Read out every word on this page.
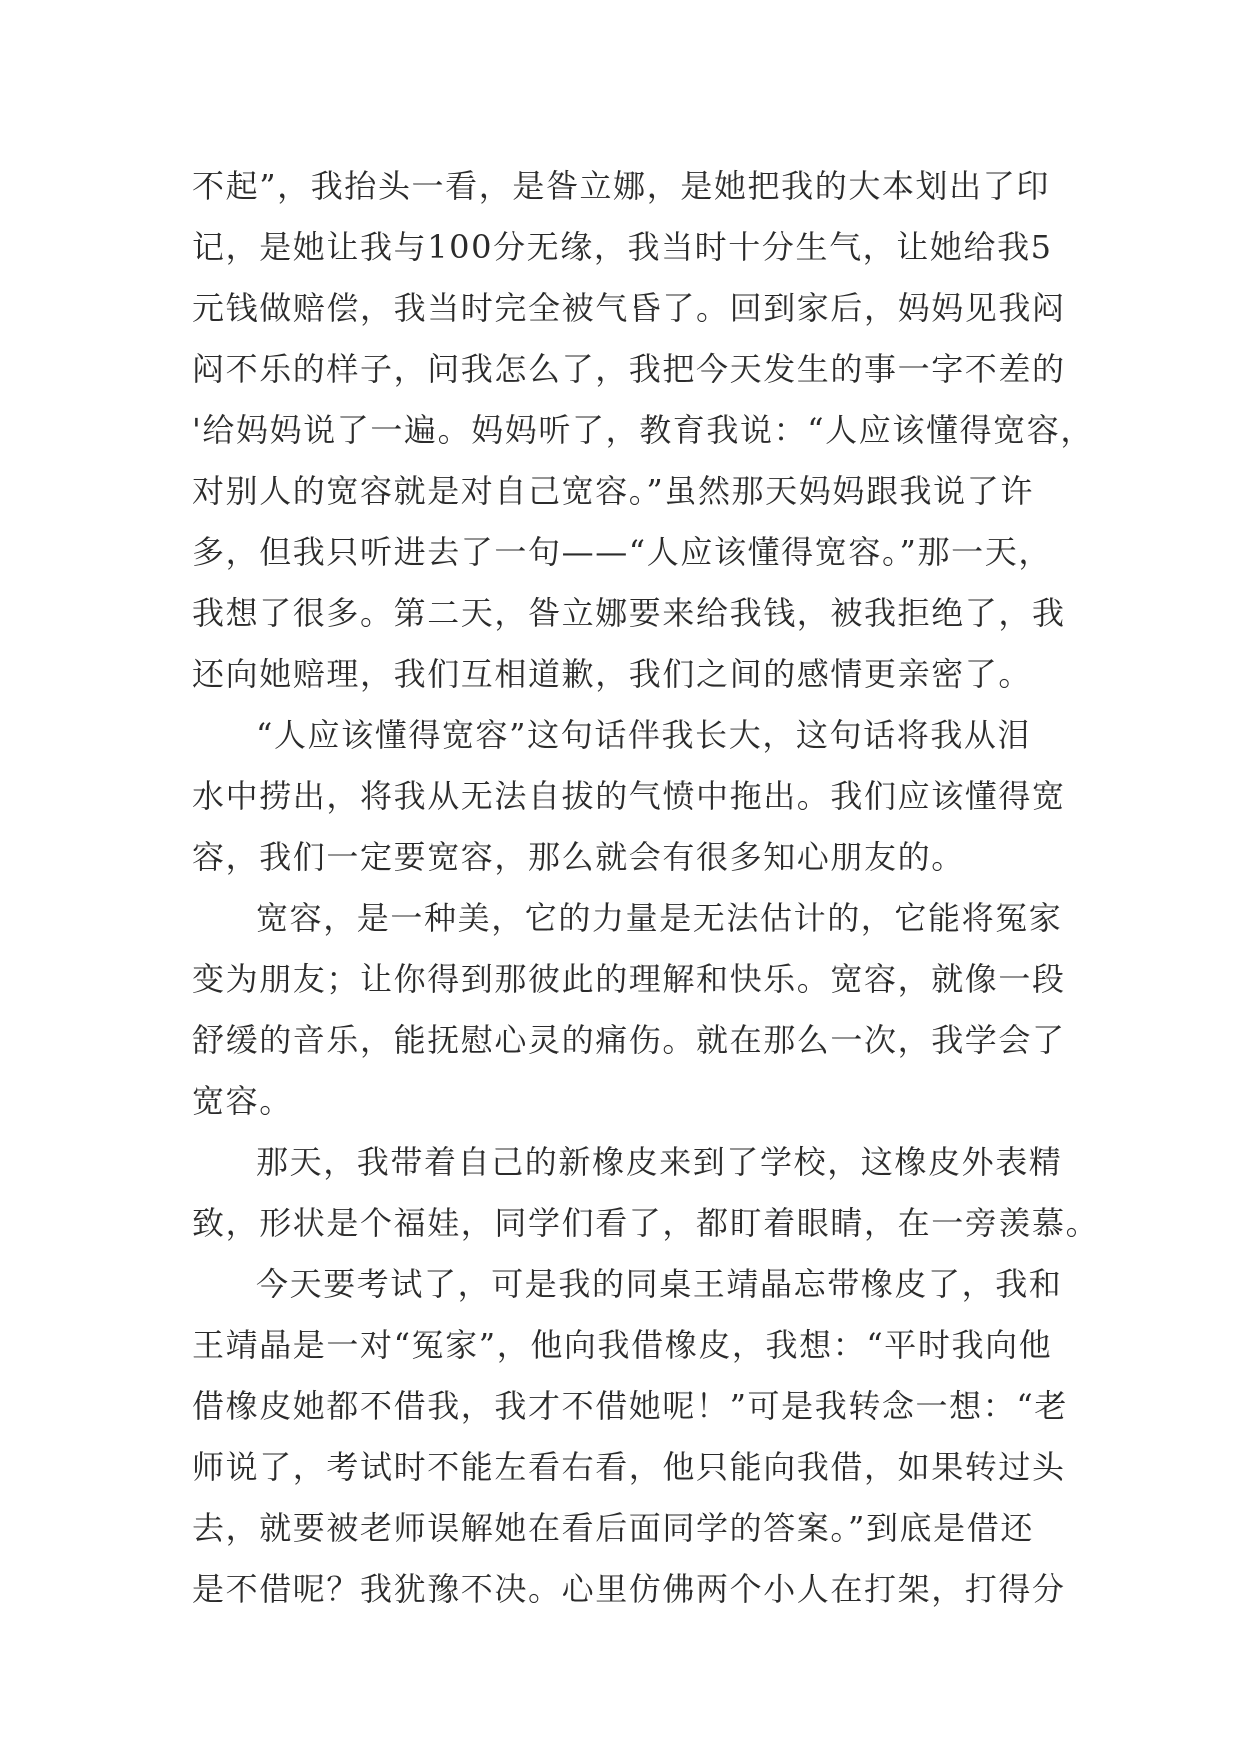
不起”，我抬头一看，是昝立娜，是她把我的大本划出了印
记，是她让我与100分无缘，我当时十分生气，让她给我5
元钱做赔偿，我当时完全被气昏了。回到家后，妈妈见我闷
闷不乐的样子，问我怎么了，我把今天发生的事一字不差的
'给妈妈说了一遍。妈妈听了，教育我说：“人应该懂得宽容，
对别人的宽容就是对自己宽容。”虽然那天妈妈跟我说了许
多，但我只听进去了一句——“人应该懂得宽容。”那一天，
我想了很多。第二天，昝立娜要来给我钱，被我拒绝了，我
还向她赔理，我们互相道歉，我们之间的感情更亲密了。
“人应该懂得宽容”这句话伴我长大，这句话将我从泪
水中捞出，将我从无法自拔的气愤中拖出。我们应该懂得宽
容，我们一定要宽容，那么就会有很多知心朋友的。
宽容，是一种美，它的力量是无法估计的，它能将冤家
变为朋友；让你得到那彼此的理解和快乐。宽容，就像一段
舒缓的音乐，能抚慰心灵的痛伤。就在那么一次，我学会了
宽容。
那天，我带着自己的新橡皮来到了学校，这橡皮外表精
致，形状是个福娃，同学们看了，都盯着眼睛，在一旁羡慕。
今天要考试了，可是我的同桌王靖晶忘带橡皮了，我和
王靖晶是一对“冤家”，他向我借橡皮，我想：“平时我向他
借橡皮她都不借我，我才不借她呢！”可是我转念一想：“老
师说了，考试时不能左看右看，他只能向我借，如果转过头
去，就要被老师误解她在看后面同学的答案。”到底是借还
是不借呢？我犹豫不决。心里仿佛两个小人在打架，打得分
